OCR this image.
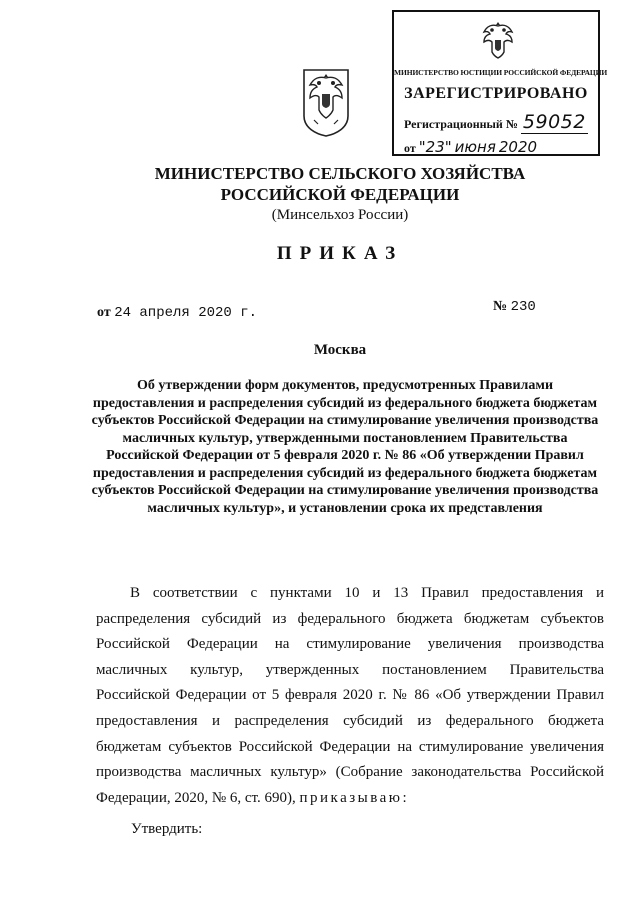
МИНИСТЕРСТВО ЮСТИЦИИ РОССИЙСКОЙ ФЕДЕРАЦИИ
ЗАРЕГИСТРИРОВАНО
Регистрационный № 59052
от "23" июня 2020
МИНИСТЕРСТВО СЕЛЬСКОГО ХОЗЯЙСТВА
РОССИЙСКОЙ ФЕДЕРАЦИИ
(Минсельхоз России)
ПРИКАЗ
от 24 апреля 2020 г.	№ 230
Москва
Об утверждении форм документов, предусмотренных Правилами предоставления и распределения субсидий из федерального бюджета бюджетам субъектов Российской Федерации на стимулирование увеличения производства масличных культур, утвержденными постановлением Правительства Российской Федерации от 5 февраля 2020 г. № 86 «Об утверждении Правил предоставления и распределения субсидий из федерального бюджета бюджетам субъектов Российской Федерации на стимулирование увеличения производства масличных культур», и установлении срока их представления
В соответствии с пунктами 10 и 13 Правил предоставления и распределения субсидий из федерального бюджета бюджетам субъектов Российской Федерации на стимулирование увеличения производства масличных культур, утвержденных постановлением Правительства Российской Федерации от 5 февраля 2020 г. № 86 «Об утверждении Правил предоставления и распределения субсидий из федерального бюджета бюджетам субъектов Российской Федерации на стимулирование увеличения производства масличных культур» (Собрание законодательства Российской Федерации, 2020, № 6, ст. 690), приказываю:
Утвердить:
